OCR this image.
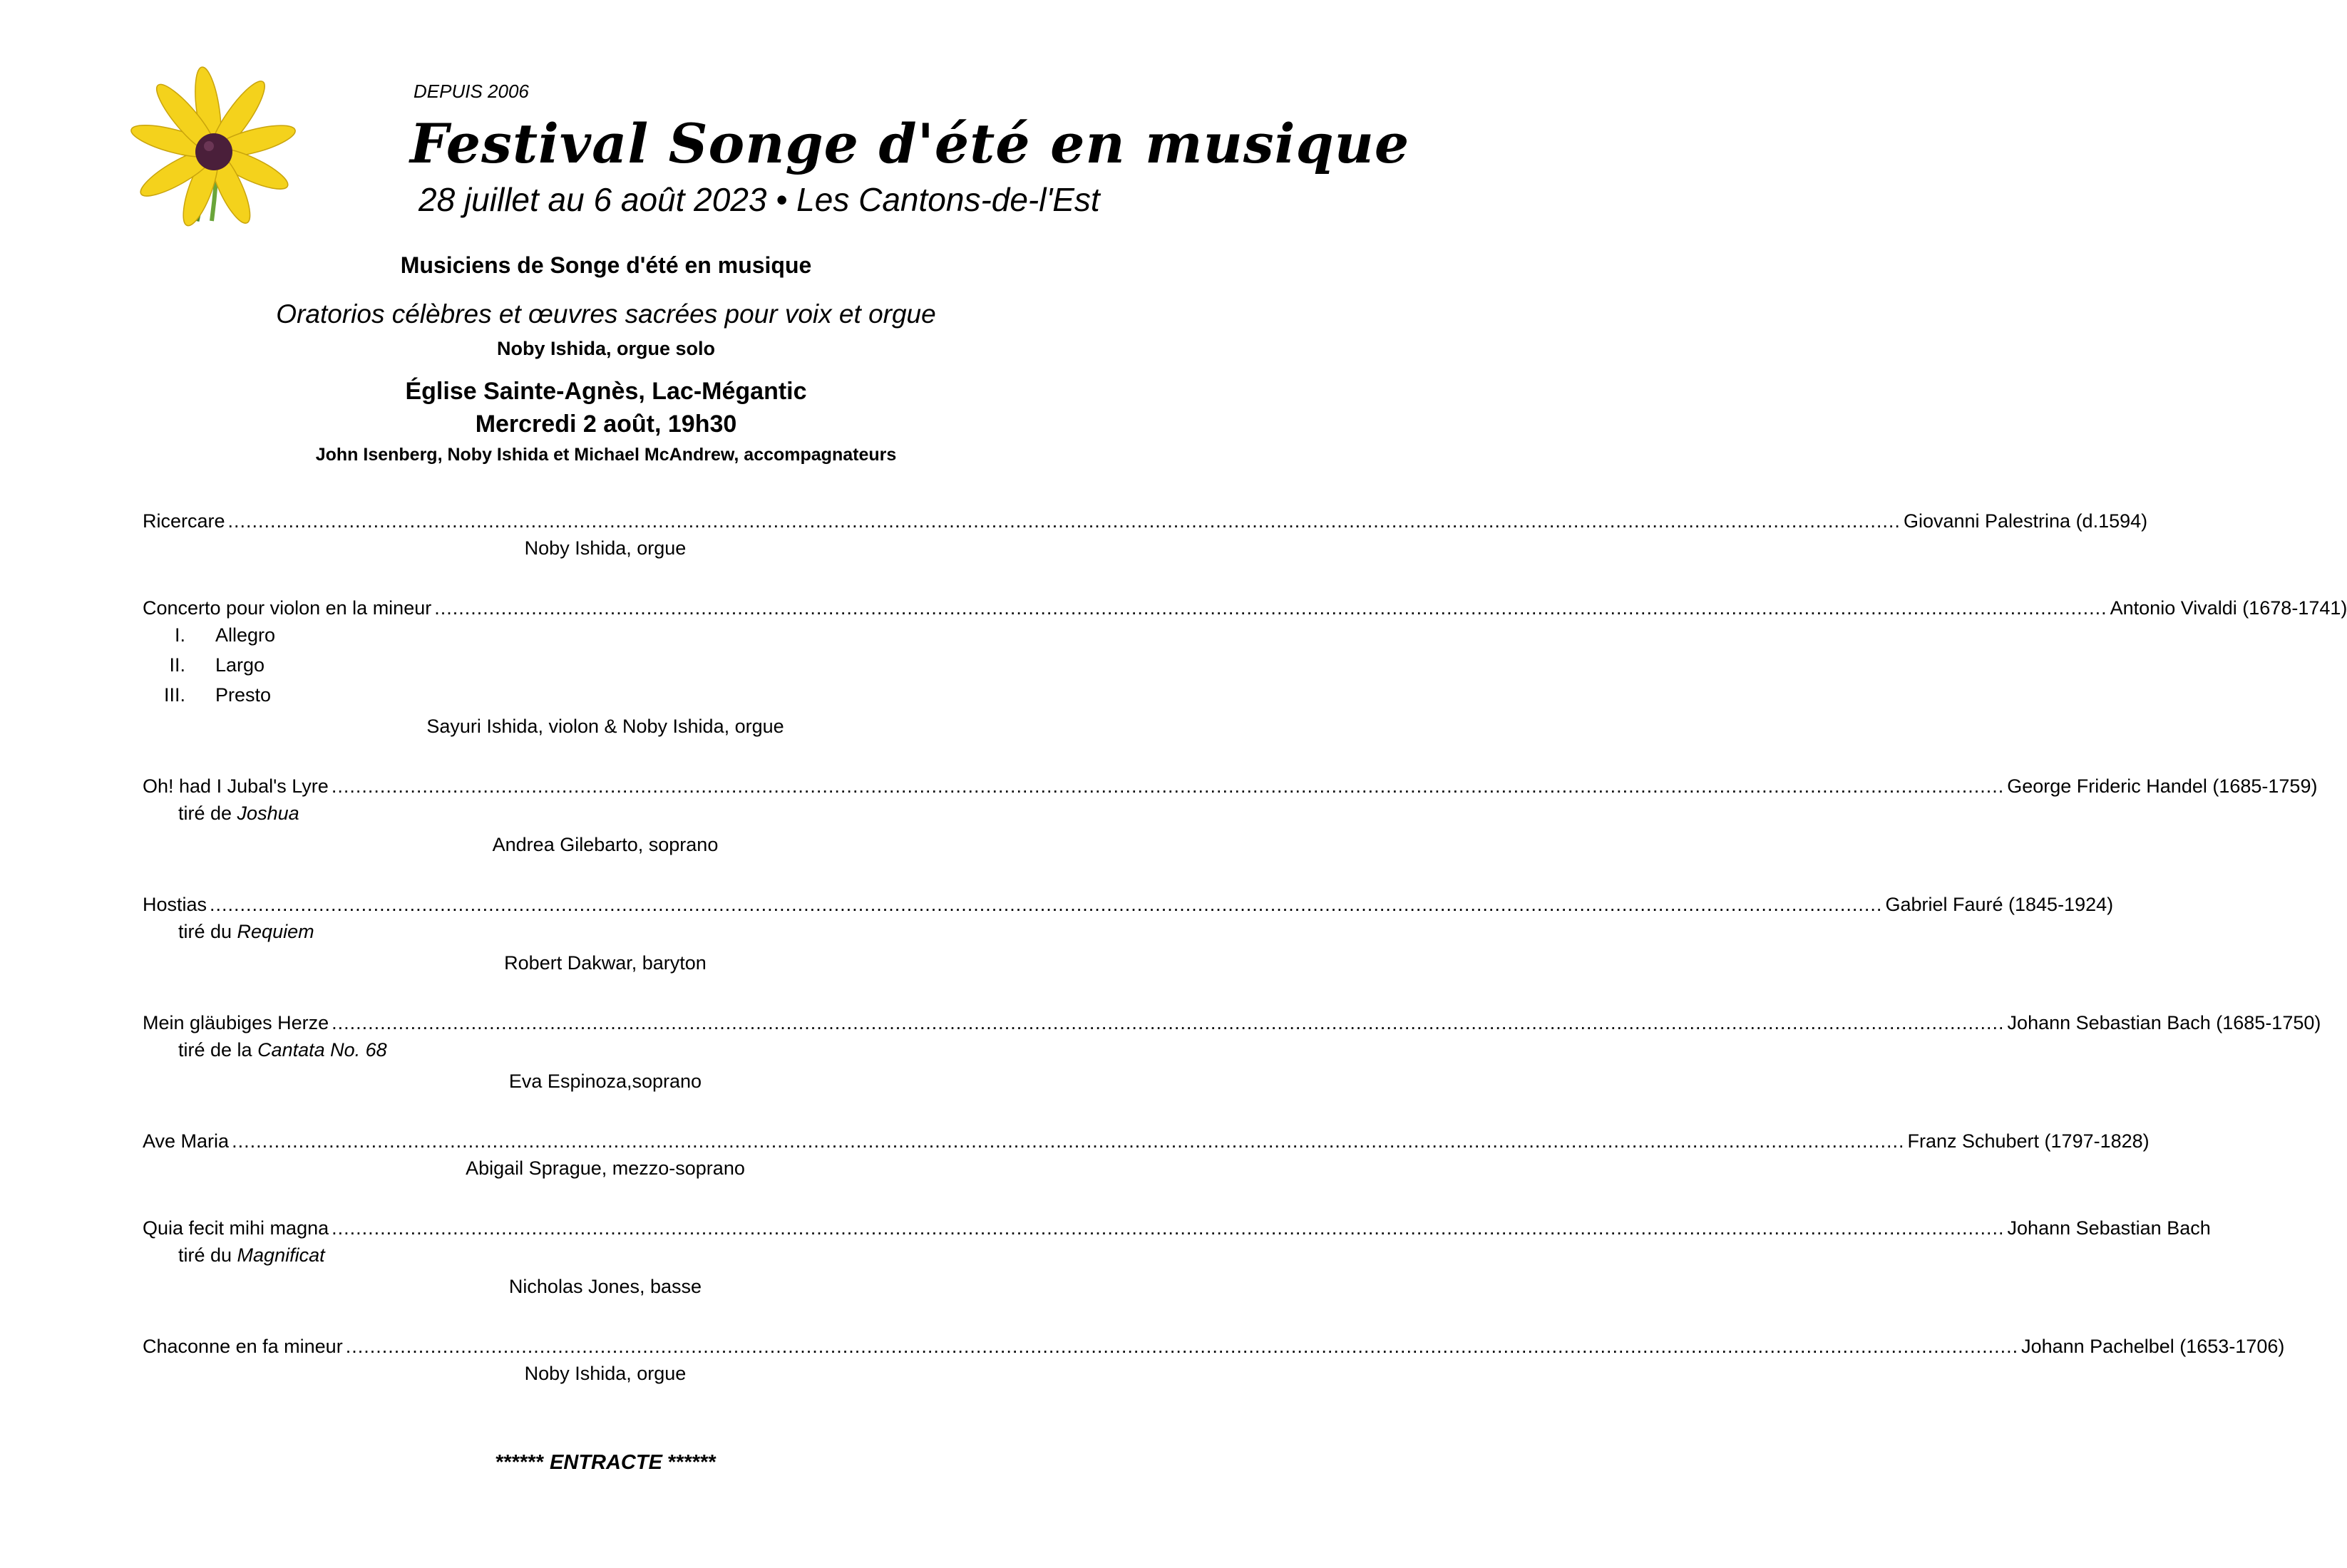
DEPUIS 2006
Festival Songe d'été en musique
28 juillet au 6 août 2023 • Les Cantons-de-l'Est
Musiciens de Songe d'été en musique
Oratorios célèbres et œuvres sacrées pour voix et orgue
Noby Ishida, orgue solo
Église Sainte-Agnès, Lac-Mégantic
Mercredi 2 août, 19h30
John Isenberg, Noby Ishida et Michael McAndrew, accompagnateurs
Ricercare .................................................................................................................................................................................................................................................................................... Giovanni Palestrina (d.1594)
Noby Ishida, orgue
Concerto pour violon en la mineur .................................................................................................................................................................................................................................................................................... Antonio Vivaldi (1678-1741)
I. Allegro
II. Largo
III. Presto
Sayuri Ishida, violon & Noby Ishida, orgue
Oh! had I Jubal's Lyre .................................................................................................................................................................................................................................................................................... George Frideric Handel (1685-1759)
tiré de Joshua
Andrea Gilebarto, soprano
Hostias .................................................................................................................................................................................................................................................................................... Gabriel Fauré (1845-1924)
tiré du Requiem
Robert Dakwar, baryton
Mein gläubiges Herze .................................................................................................................................................................................................................................................................................... Johann Sebastian Bach (1685-1750)
tiré de la Cantata No. 68
Eva Espinoza,soprano
Ave Maria .................................................................................................................................................................................................................................................................................... Franz Schubert (1797-1828)
Abigail Sprague, mezzo-soprano
Quia fecit mihi magna .................................................................................................................................................................................................................................................................................... Johann Sebastian Bach
tiré du Magnificat
Nicholas Jones, basse
Chaconne en fa mineur .................................................................................................................................................................................................................................................................................... Johann Pachelbel (1653-1706)
Noby Ishida, orgue
****** ENTRACTE ******
